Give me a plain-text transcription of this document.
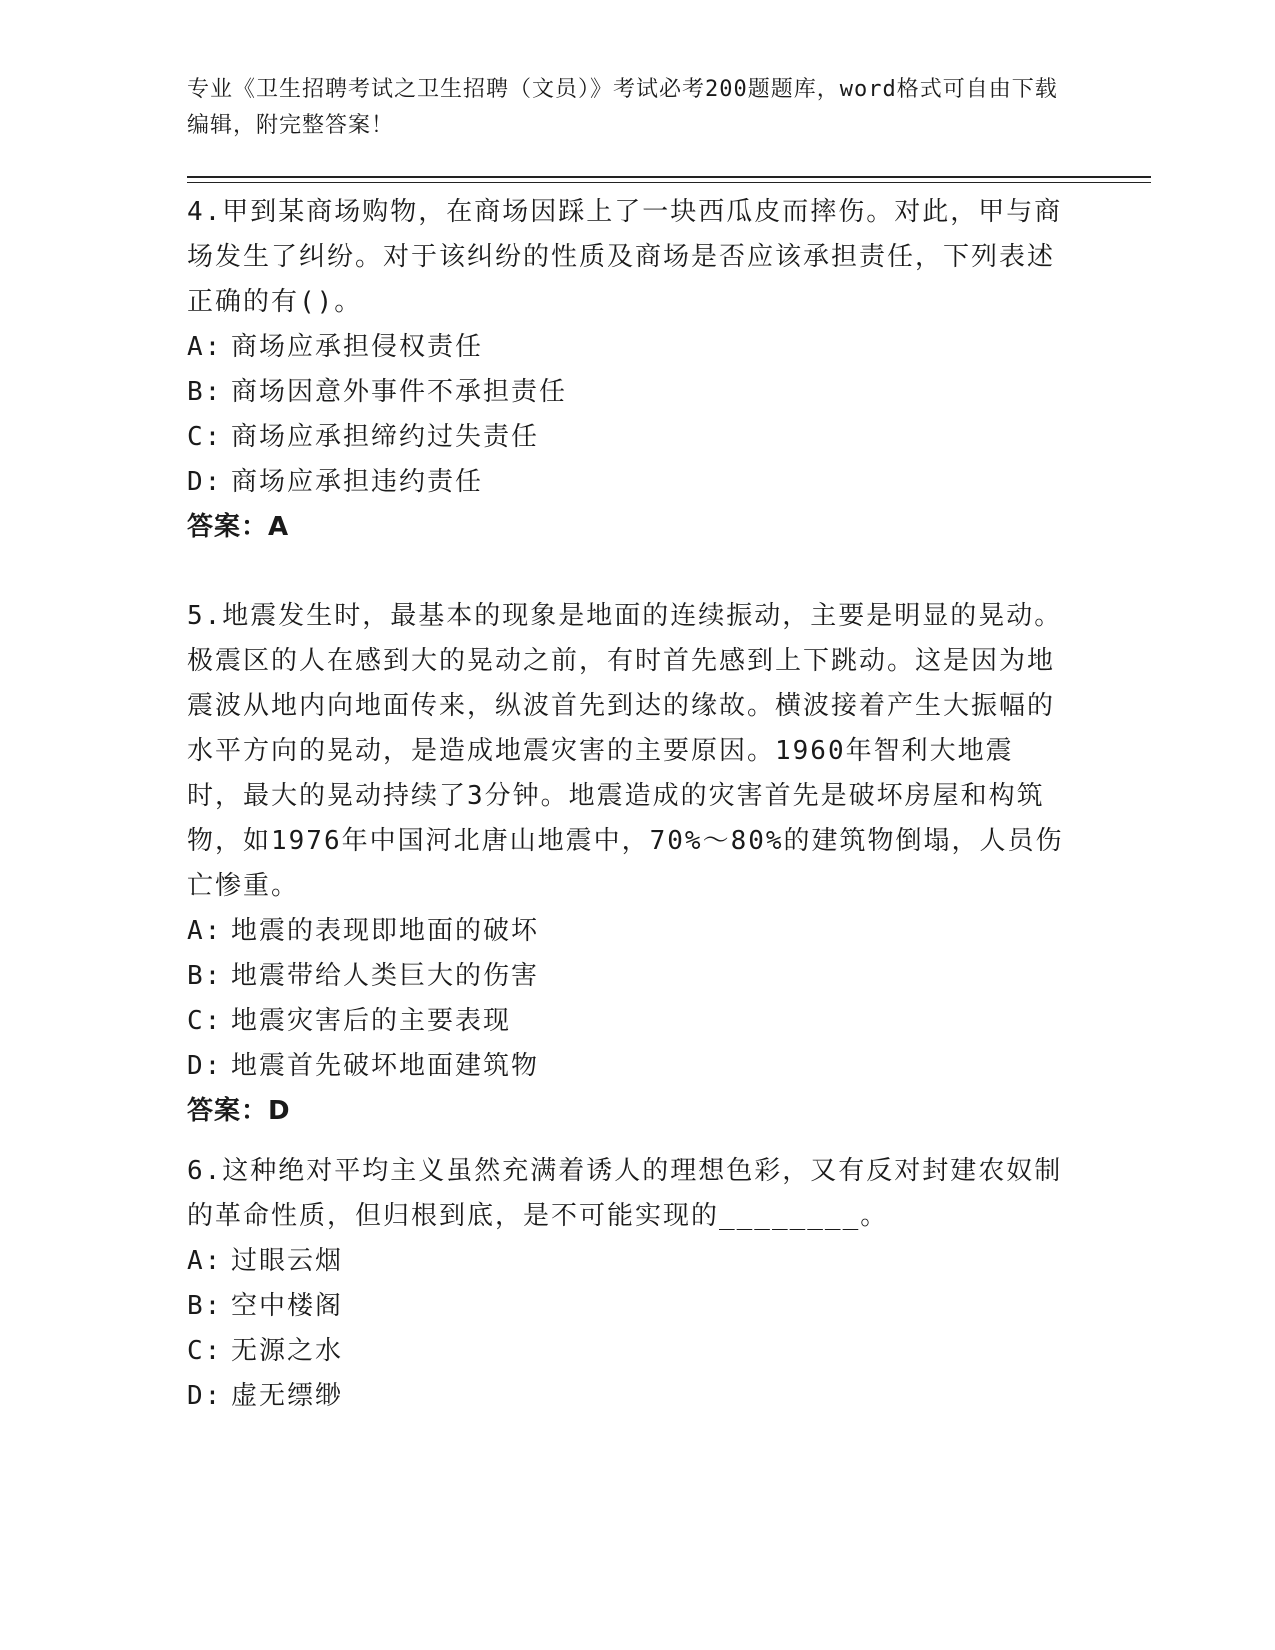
专业《卫生招聘考试之卫生招聘（文员）》考试必考200题题库，word格式可自由下载编辑，附完整答案！

4.甲到某商场购物，在商场因踩上了一块西瓜皮而摔伤。对此，甲与商场发生了纠纷。对于该纠纷的性质及商场是否应该承担责任，下列表述正确的有()。

A: 商场应承担侵权责任

B: 商场因意外事件不承担责任

C: 商场应承担缔约过失责任

D: 商场应承担违约责任

答案：A

5.地震发生时，最基本的现象是地面的连续振动，主要是明显的晃动。极震区的人在感到大的晃动之前，有时首先感到上下跳动。这是因为地震波从地内向地面传来，纵波首先到达的缘故。横波接着产生大振幅的水平方向的晃动，是造成地震灾害的主要原因。1960年智利大地震时，最大的晃动持续了3分钟。地震造成的灾害首先是破坏房屋和构筑物，如1976年中国河北唐山地震中，70%～80%的建筑物倒塌，人员伤亡惨重。

A: 地震的表现即地面的破坏

B: 地震带给人类巨大的伤害

C: 地震灾害后的主要表现

D: 地震首先破坏地面建筑物

答案：D

6.这种绝对平均主义虽然充满着诱人的理想色彩，又有反对封建农奴制的革命性质，但归根到底，是不可能实现的________。

A: 过眼云烟

B: 空中楼阁

C: 无源之水

D: 虚无缥缈
